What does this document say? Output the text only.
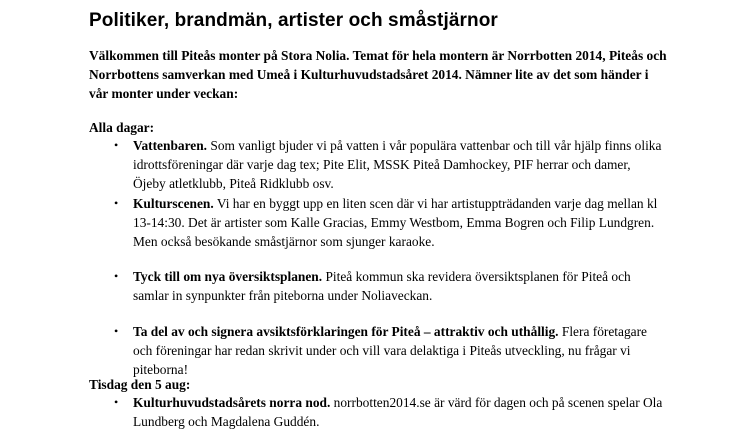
Politiker, brandmän, artister och småstjärnor

Välkommen till Piteås monter på Stora Nolia. Temat för hela montern är Norrbotten 2014, Piteås och Norrbottens samverkan med Umeå i Kulturhuvudstadsåret 2014. Nämner lite av det som händer i vår monter under veckan:

Alla dagar:

• Vattenbaren. Som vanligt bjuder vi på vatten i vår populära vattenbar och till vår hjälp finns olika idrottsföreningar där varje dag tex; Pite Elit, MSSK Piteå Damhockey, PIF herrar och damer, Öjeby atletklubb, Piteå Ridklubb osv.
• Kulturscenen. Vi har en byggt upp en liten scen där vi har artistuppträdanden varje dag mellan kl 13-14:30. Det är artister som Kalle Gracias, Emmy Westbom, Emma Bogren och Filip Lundgren. Men också besökande småstjärnor som sjunger karaoke.
• Tyck till om nya översiktsplanen. Piteå kommun ska revidera översiktsplanen för Piteå och samlar in synpunkter från piteborna under Noliaveckan.
• Ta del av och signera avsiktsförklaringen för Piteå – attraktiv och uthållig. Flera företagare och föreningar har redan skrivit under och vill vara delaktiga i Piteås utveckling, nu frågar vi piteborna!

Tisdag den 5 aug:

• Kulturhuvudstadsårets norra nod. norrbotten2014.se är värd för dagen och på scenen spelar Ola Lundberg och Magdalena Guddén.
